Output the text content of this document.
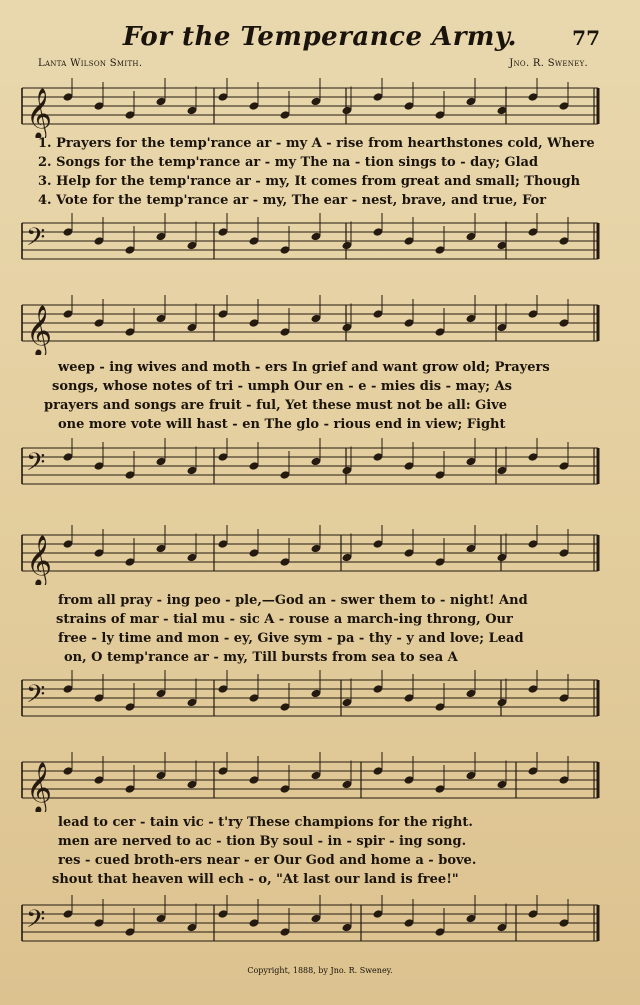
For the Temperance Army.	77
Lanta Wilson Smith.	Jno. R. Sweney.
𝄞
1. Prayers for the temp'rance ar - my A - rise from hearthstones cold, Where
2. Songs for the temp'rance ar - my The na - tion sings to - day; Glad
3. Help for the temp'rance ar - my, It comes from great and small; Though
4. Vote for the temp'rance ar - my, The ear - nest, brave, and true, For
𝄢
𝄞
weep - ing wives and moth - ers In grief and want grow old; Prayers
songs, whose notes of tri - umph Our en - e - mies dis - may; As
prayers and songs are fruit - ful, Yet these must not be all: Give
one more vote will hast - en The glo - rious end in view; Fight
𝄢
𝄞
from all pray - ing peo - ple,—God an - swer them to - night! And
strains of mar - tial mu - sic A - rouse a march-ing throng, Our
free - ly time and mon - ey, Give sym - pa - thy - y and love; Lead
on, O temp'rance ar - my, Till bursts from sea to sea A
𝄢
𝄞
lead to cer - tain vic - t'ry These champions for the right.
men are nerved to ac - tion By soul - in - spir - ing song.
res - cued broth-ers near - er Our God and home a - bove.
shout that heaven will ech - o, "At last our land is free!"
𝄢
Copyright, 1888, by Jno. R. Sweney.
